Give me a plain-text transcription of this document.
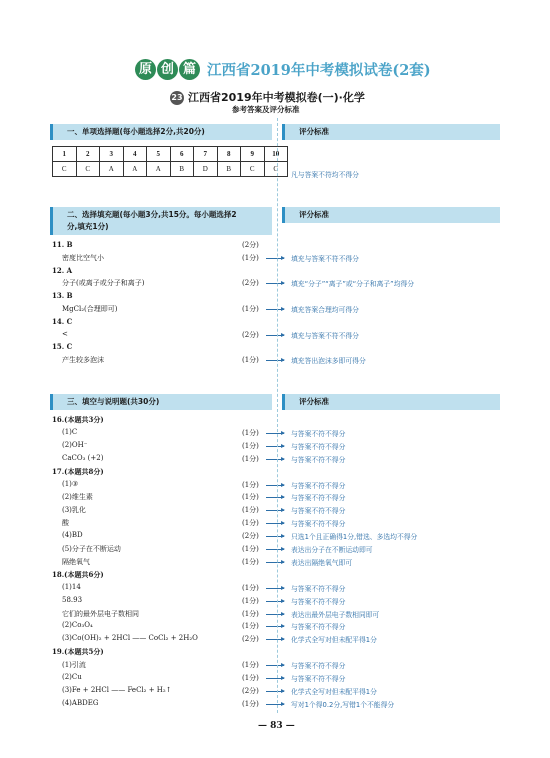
原 创 篇 江西省2019年中考模拟试卷(2套)
23 江西省2019年中考模拟卷(一)·化学
参考答案及评分标准
一、单项选择题(每小题选择2分,共20分)	评分标准
1	2	3	4	5	6	7	8	9	10
C	C	A	A	A	B	D	B	C	C
凡与答案不符均不得分
二、选择填充题(每小题3分,共15分。每小题选择2
分,填充1分)
评分标准
11. B	(2分)
密度比空气小	(1分)	填充与答案不符不得分
12. A
分子(或离子或分子和离子)	(2分)	填充“分子”“离子”或“分子和离子”均得分
13. B
MgCl₂(合理即可)	(1分)	填充答案合理均可得分
14. C
<	(2分)	填充与答案不符不得分
15. C
产生较多泡沫	(1分)	填充答出泡沫多即可得分
三、填空与说明题(共30分)	评分标准
16.(本题共3分)
(1)C	(1分)	与答案不符不得分
(2)OH⁻	(1分)	与答案不符不得分
CaCO₃ (+2)	(1分)	与答案不符不得分
17.(本题共8分)
(1)③	(1分)	与答案不符不得分
(2)维生素	(1分)	与答案不符不得分
(3)乳化	(1分)	与答案不符不得分
酸	(1分)	与答案不符不得分
(4)BD	(2分)	只选1个且正确得1分,错选、多选均不得分
(5)分子在不断运动	(1分)	表达出分子在不断运动即可
隔绝氧气	(1分)	表达出隔绝氧气即可
18.(本题共6分)
(1)14	(1分)	与答案不符不得分
58.93	(1分)	与答案不符不得分
它们的最外层电子数相同	(1分)	表达出最外层电子数相同即可
(2)Co₃O₄	(1分)	与答案不符不得分
(3)Co(OH)₂ + 2HCl —— CoCl₂ + 2H₂O	(2分)	化学式全写对但未配平得1分
19.(本题共5分)
(1)引流	(1分)	与答案不符不得分
(2)Cu	(1分)	与答案不符不得分
(3)Fe + 2HCl —— FeCl₂ + H₂↑	(2分)	化学式全写对但未配平得1分
(4)ABDEG	(1分)	写对1个得0.2分,写错1个不能得分
— 83 —
